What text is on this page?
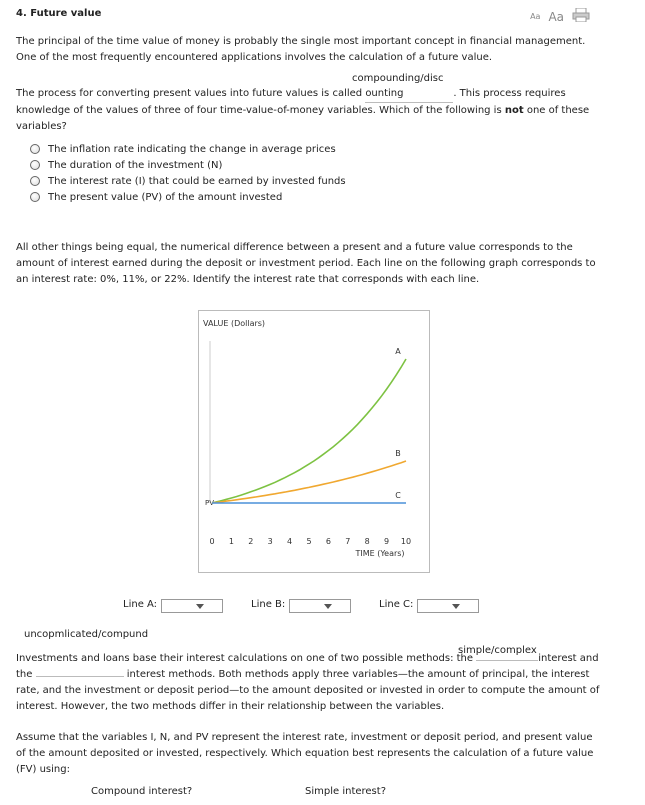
4. Future value	Aa Aa

The principal of the time value of money is probably the single most important concept in financial management. One of the most frequently encountered applications involves the calculation of a future value.

compounding/disc

The process for converting present values into future values is called ounting	. This process requires knowledge of the values of three of four time-value-of-money variables. Which of the following is not one of these variables?

The inflation rate indicating the change in average prices
The duration of the investment (N)
The interest rate (I) that could be earned by invested funds
The present value (PV) of the amount invested

All other things being equal, the numerical difference between a present and a future value corresponds to the amount of interest earned during the deposit or investment period. Each line on the following graph corresponds to an interest rate: 0%, 11%, or 22%. Identify the interest rate that corresponds with each line.

VALUE (Dollars)
0 1 2 3 4 5 6 7 8 9 10
PV
A
B
C
TIME (Years)
Line A:	Line B:	Line C:
uncopmlicated/compund
simple/complex

Investments and loans base their interest calculations on one of two possible methods: the	interest and the	interest methods. Both methods apply three variables—the amount of principal, the interest rate, and the investment or deposit period—to the amount deposited or invested in order to compute the amount of interest. However, the two methods differ in their relationship between the variables.

Assume that the variables I, N, and PV represent the interest rate, investment or deposit period, and present value of the amount deposited or invested, respectively. Which equation best represents the calculation of a future value (FV) using:

Compound interest?	Simple interest?
